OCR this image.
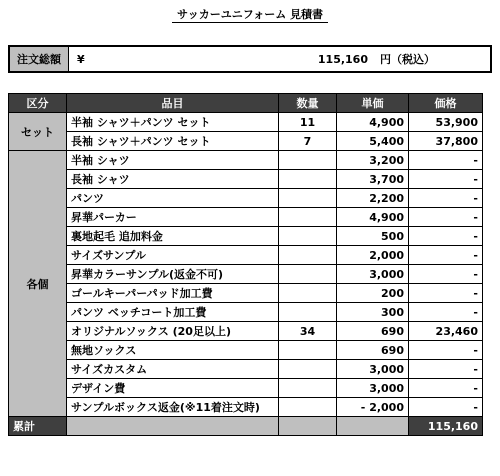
サッカーユニフォーム 見積書
注文総額	¥	115,160	円（税込）
区分	品目	数量	単価	価格
セット	半袖 シャツ＋パンツ セット	11	4,900	53,900
	長袖 シャツ＋パンツ セット	7	5,400	37,800
各個	半袖 シャツ		3,200	-
	長袖 シャツ		3,700	-
	パンツ		2,200	-
	昇華パーカー		4,900	-
	裏地起毛 追加料金		500	-
	サイズサンプル		2,000	-
	昇華カラーサンプル(返金不可)		3,000	-
	ゴールキーパーパッド加工費		200	-
	パンツ ベッチコート加工費		300	-
	オリジナルソックス (20足以上)	34	690	23,460
	無地ソックス		690	-
	サイズカスタム		3,000	-
	デザイン費		3,000	-
	サンプルボックス返金(※11着注文時)		- 2,000	-
累計				115,160
